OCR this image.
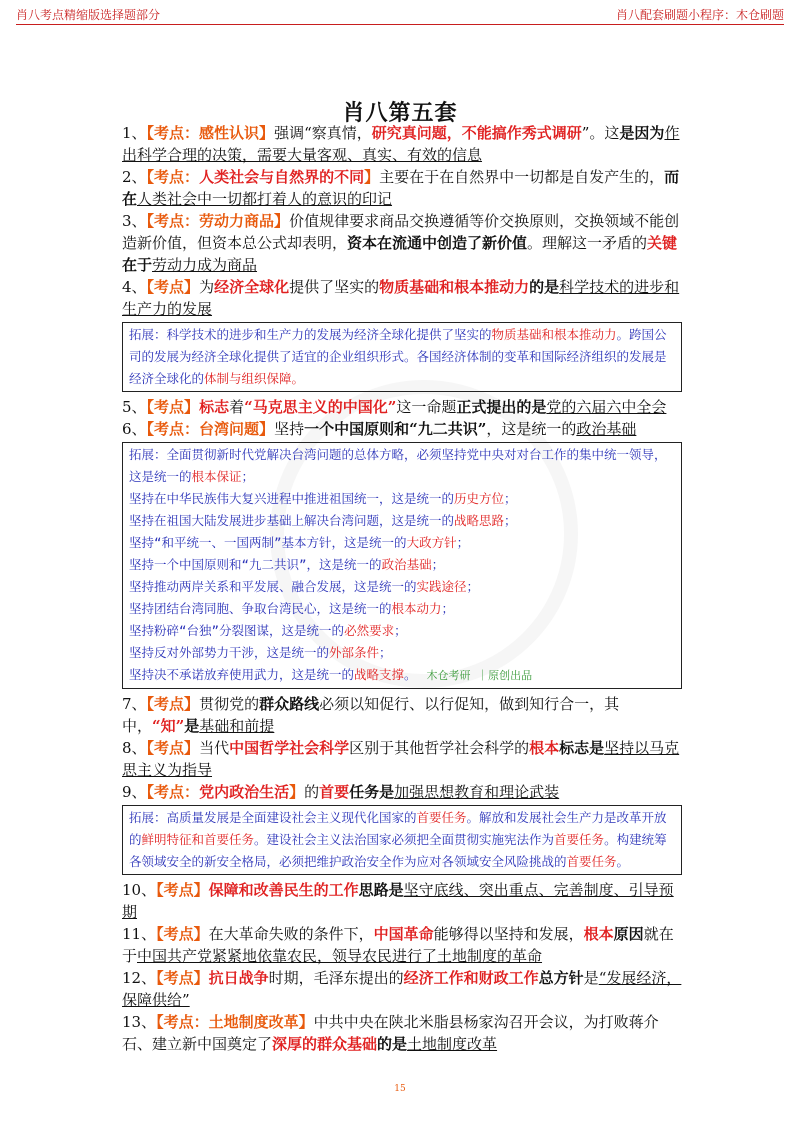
肖八考点精缩版选择题部分	肖八配套刷题小程序：木仓刷题
肖八第五套

1、【考点：感性认识】强调“察真情，研究真问题，不能搞作秀式调研”。这是因为作出科学合理的决策，需要大量客观、真实、有效的信息

2、【考点：人类社会与自然界的不同】主要在于在自然界中一切都是自发产生的，而在人类社会中一切都打着人的意识的印记

3、【考点：劳动力商品】价值规律要求商品交换遵循等价交换原则，交换领域不能创造新价值，但资本总公式却表明，资本在流通中创造了新价值。理解这一矛盾的关键在于劳动力成为商品

4、【考点】为经济全球化提供了坚实的物质基础和根本推动力的是科学技术的进步和生产力的发展

拓展：科学技术的进步和生产力的发展为经济全球化提供了坚实的物质基础和根本推动力。跨国公司的发展为经济全球化提供了适宜的企业组织形式。各国经济体制的变革和国际经济组织的发展是经济全球化的体制与组织保障。

5、【考点】标志着“马克思主义的中国化”这一命题正式提出的是党的六届六中全会

6、【考点：台湾问题】坚持一个中国原则和“九二共识”，这是统一的政治基础

拓展：全面贯彻新时代党解决台湾问题的总体方略，必须坚持党中央对对台工作的集中统一领导，这是统一的根本保证；
坚持在中华民族伟大复兴进程中推进祖国统一，这是统一的历史方位；
坚持在祖国大陆发展进步基础上解决台湾问题，这是统一的战略思路；
坚持“和平统一、一国两制”基本方针，这是统一的大政方针；
坚持一个中国原则和“九二共识”，这是统一的政治基础；
坚持推动两岸关系和平发展、融合发展，这是统一的实践途径；
坚持团结台湾同胞、争取台湾民心，这是统一的根本动力；
坚持粉碎“台独”分裂图谋，这是统一的必然要求；
坚持反对外部势力干涉，这是统一的外部条件；
坚持决不承诺放弃使用武力，这是统一的战略支撑。 木仓考研 ｜原创出品

7、【考点】贯彻党的群众路线必须以知促行、以行促知，做到知行合一，其中，“知”是基础和前提

8、【考点】当代中国哲学社会科学区别于其他哲学社会科学的根本标志是坚持以马克思主义为指导

9、【考点：党内政治生活】的首要任务是加强思想教育和理论武装

拓展：高质量发展是全面建设社会主义现代化国家的首要任务。解放和发展社会生产力是改革开放的鲜明特征和首要任务。建设社会主义法治国家必须把全面贯彻实施宪法作为首要任务。构建统筹各领域安全的新安全格局，必须把维护政治安全作为应对各领域安全风险挑战的首要任务。

10、【考点】保障和改善民生的工作思路是坚守底线、突出重点、完善制度、引导预期

11、【考点】在大革命失败的条件下，中国革命能够得以坚持和发展，根本原因就在于中国共产党紧紧地依靠农民，领导农民进行了土地制度的革命

12、【考点】抗日战争时期，毛泽东提出的经济工作和财政工作总方针是“发展经济，保障供给”

13、【考点：土地制度改革】中共中央在陕北米脂县杨家沟召开会议，为打败蒋介石、建立新中国奠定了深厚的群众基础的是土地制度改革

15
